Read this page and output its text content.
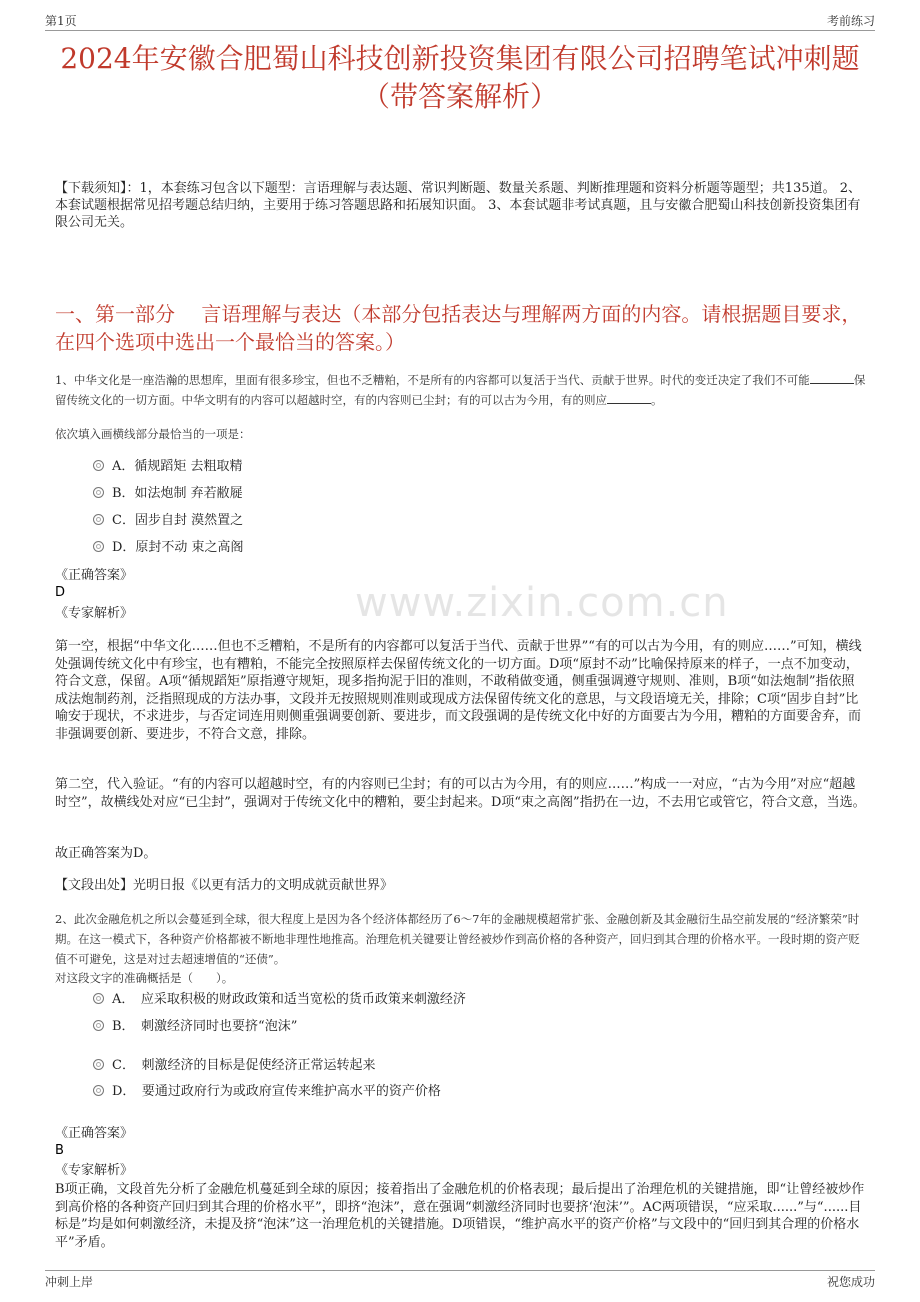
第1页	考前练习
2024年安徽合肥蜀山科技创新投资集团有限公司招聘笔试冲刺题（带答案解析）
【下载须知】：1，本套练习包含以下题型：言语理解与表达题、常识判断题、数量关系题、判断推理题和资料分析题等题型；共135道。 2、本套试题根据常见招考题总结归纳，主要用于练习答题思路和拓展知识面。 3、本套试题非考试真题，且与安徽合肥蜀山科技创新投资集团有限公司无关。
一、第一部分　 言语理解与表达（本部分包括表达与理解两方面的内容。请根据题目要求，在四个选项中选出一个最恰当的答案。）
www.zixin.com.cn
1、中华文化是一座浩瀚的思想库，里面有很多珍宝，但也不乏糟粕，不是所有的内容都可以复活于当代、贡献于世界。时代的变迁决定了我们不可能	保留传统文化的一切方面。中华文明有的内容可以超越时空，有的内容则已尘封；有的可以古为今用，有的则应	。
依次填入画横线部分最恰当的一项是：
A．循规蹈矩 去粗取精
B．如法炮制 弃若敝屣
C．固步自封 漠然置之
D．原封不动 束之高阁
《正确答案》
D
《专家解析》
第一空，根据“中华文化……但也不乏糟粕，不是所有的内容都可以复活于当代、贡献于世界”“有的可以古为今用，有的则应……”可知，横线处强调传统文化中有珍宝，也有糟粕，不能完全按照原样去保留传统文化的一切方面。D项“原封不动”比喻保持原来的样子，一点不加变动，符合文意，保留。A项“循规蹈矩”原指遵守规矩，现多指拘泥于旧的准则，不敢稍做变通，侧重强调遵守规则、准则，B项“如法炮制”指依照成法炮制药剂，泛指照现成的方法办事，文段并无按照规则准则或现成方法保留传统文化的意思，与文段语境无关，排除；C项“固步自封”比喻安于现状，不求进步，与否定词连用则侧重强调要创新、要进步，而文段强调的是传统文化中好的方面要古为今用，糟粕的方面要舍弃，而非强调要创新、要进步，不符合文意，排除。
第二空，代入验证。“有的内容可以超越时空，有的内容则已尘封；有的可以古为今用，有的则应……”构成一一对应，“古为今用”对应“超越时空”，故横线处对应“已尘封”，强调对于传统文化中的糟粕，要尘封起来。D项“束之高阁”指扔在一边，不去用它或管它，符合文意，当选。
故正确答案为D。
【文段出处】光明日报《以更有活力的文明成就贡献世界》
2、此次金融危机之所以会蔓延到全球，很大程度上是因为各个经济体都经历了6～7年的金融规模超常扩张、金融创新及其金融衍生品空前发展的“经济繁荣”时期。在这一模式下，各种资产价格都被不断地非理性地推高。治理危机关键要让曾经被炒作到高价格的各种资产，回归到其合理的价格水平。一段时期的资产贬值不可避免，这是对过去超速增值的“还债”。
对这段文字的准确概括是（　　）。
A．　应采取积极的财政政策和适当宽松的货币政策来刺激经济
B．　刺激经济同时也要挤“泡沫”
C．　刺激经济的目标是促使经济正常运转起来
D．　要通过政府行为或政府宣传来维护高水平的资产价格
《正确答案》
B
《专家解析》
B项正确，文段首先分析了金融危机蔓延到全球的原因；接着指出了金融危机的价格表现；最后提出了治理危机的关键措施，即“让曾经被炒作到高价格的各种资产回归到其合理的价格水平”，即挤“泡沫”，意在强调“刺激经济同时也要挤‘泡沫’”。AC两项错误，“应采取......”与“......目标是”均是如何刺激经济，未提及挤“泡沫”这一治理危机的关键措施。D项错误，“维护高水平的资产价格”与文段中的“回归到其合理的价格水平”矛盾。
冲刺上岸	祝您成功
